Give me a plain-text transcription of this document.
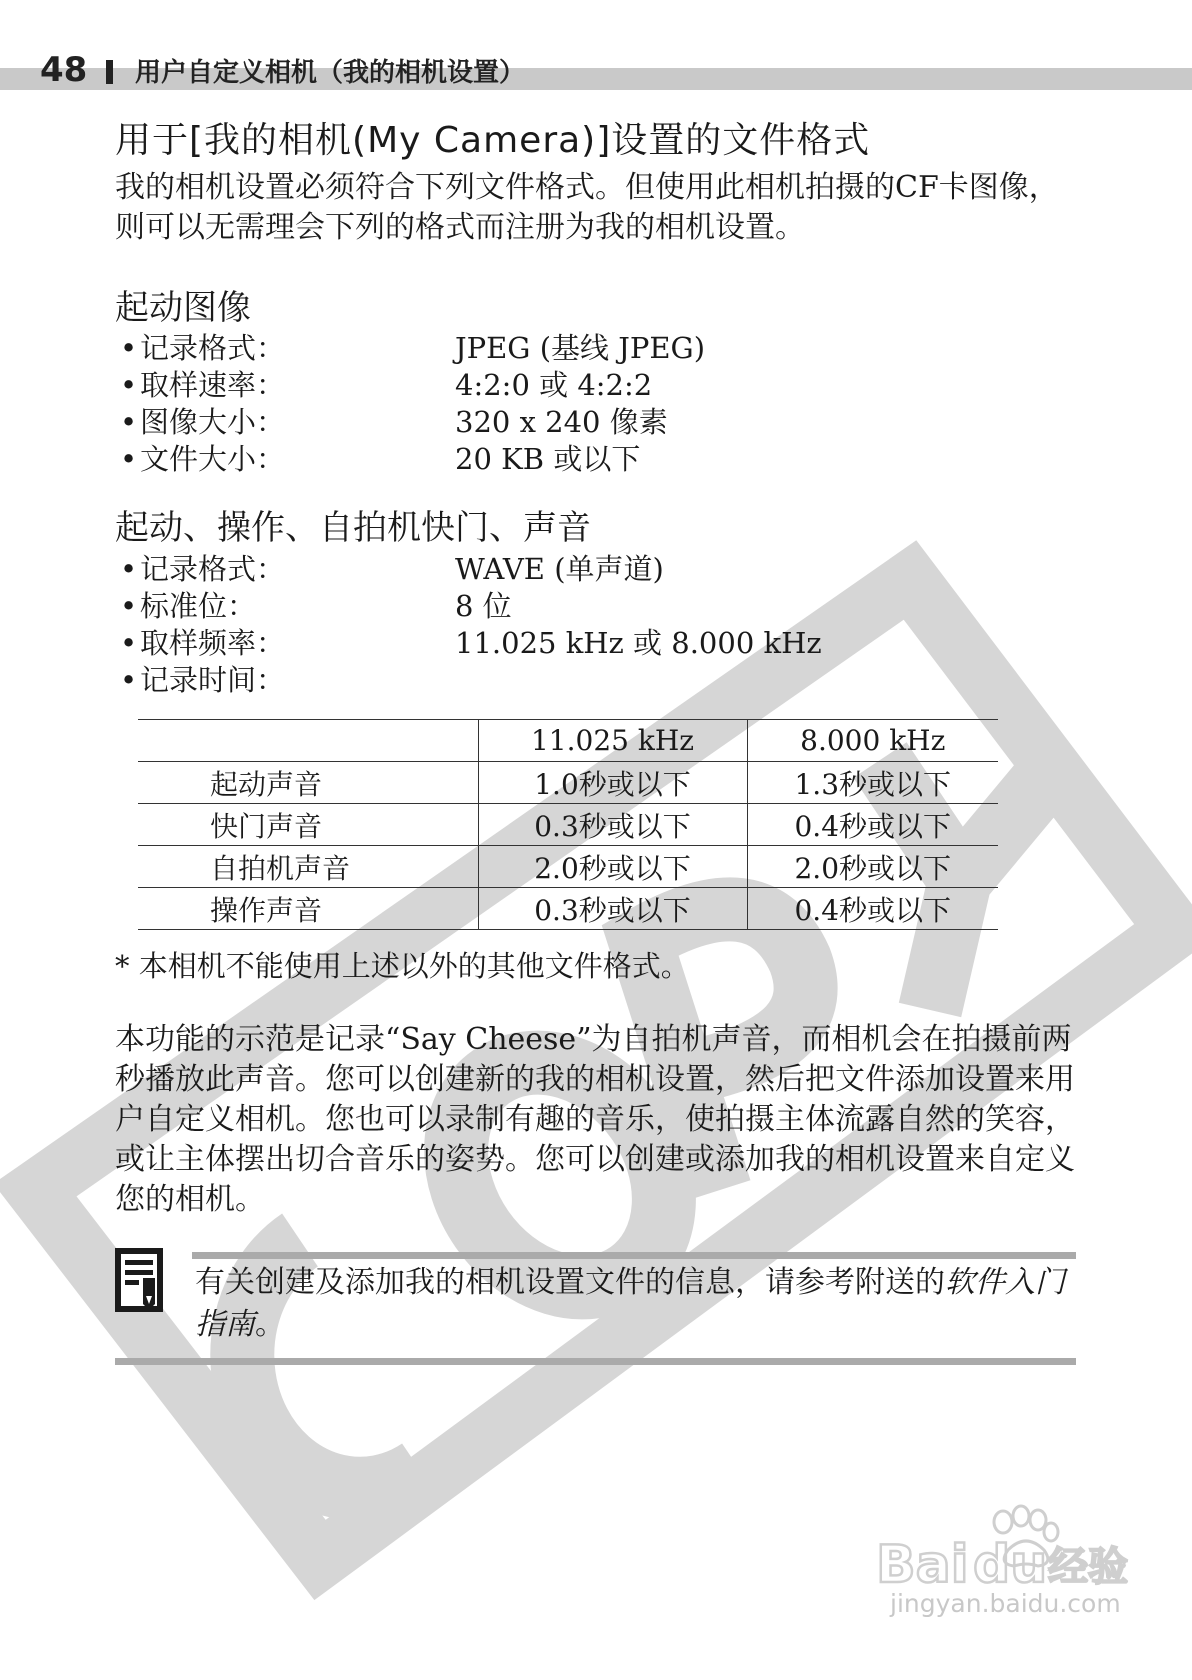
48 用户自定义相机（我的相机设置）
用于[我的相机(My Camera)]设置的文件格式

我的相机设置必须符合下列文件格式。但使用此相机拍摄的CF卡图像，则可以无需理会下列的格式而注册为我的相机设置。

起动图像
•记录格式：	JPEG (基线 JPEG)
•取样速率：	4:2:0 或 4:2:2
•图像大小：	320 x 240 像素
•文件大小：	20 KB 或以下
起动、操作、自拍机快门、声音
•记录格式：	WAVE (单声道)
•标准位：	8 位
•取样频率：	11.025 kHz 或 8.000 kHz
•记录时间：
	11.025 kHz	8.000 kHz
起动声音	1.0秒或以下	1.3秒或以下
快门声音	0.3秒或以下	0.4秒或以下
自拍机声音	2.0秒或以下	2.0秒或以下
操作声音	0.3秒或以下	0.4秒或以下

* 本相机不能使用上述以外的其他文件格式。

本功能的示范是记录“Say Cheese”为自拍机声音，而相机会在拍摄前两秒播放此声音。您可以创建新的我的相机设置，然后把文件添加设置来用户自定义相机。您也可以录制有趣的音乐，使拍摄主体流露自然的笑容，或让主体摆出切合音乐的姿势。您可以创建或添加我的相机设置来自定义您的相机。

有关创建及添加我的相机设置文件的信息，请参考附送的软件入门指南。

Bai du 经验
jingyan.baidu.com
